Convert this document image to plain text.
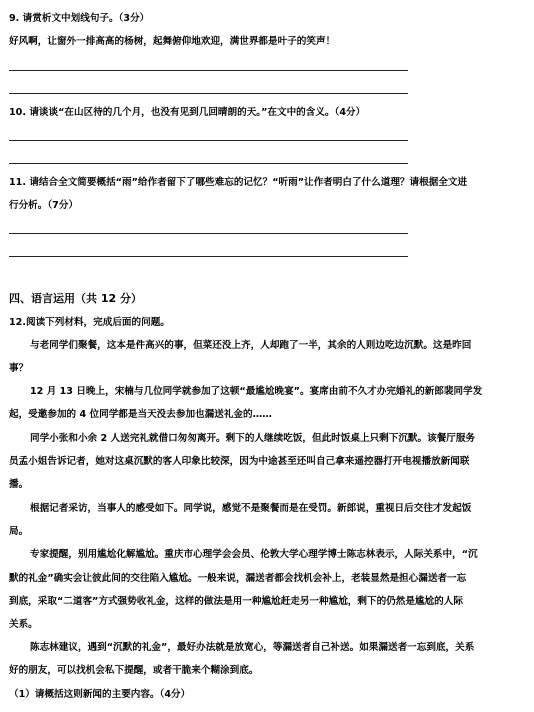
9. 请赏析文中划线句子。（3分）
好风啊，让窗外一排高高的杨树，起舞俯仰地欢迎，满世界都是叶子的笑声！
10. 请谈谈“在山区待的几个月，也没有见到几回晴朗的天。”在文中的含义。（4分）
11. 请结合全文简要概括“雨”给作者留下了哪些难忘的记忆？“听雨”让作者明白了什么道理？请根据全文进
行分析。（7分）
四、语言运用（共 12 分）
12.阅读下列材料，完成后面的问题。
与老同学们聚餐，这本是件高兴的事，但菜还没上齐，人却跑了一半，其余的人则边吃边沉默。这是昨回
事？
12 月 13 日晚上，宋楠与几位同学就参加了这顿“最尴尬晚宴”。宴席由前不久才办完婚礼的新郎裴同学发
起，受邀参加的 4 位同学都是当天没去参加也漏送礼金的……
同学小张和小余 2 人送完礼就借口匆匆离开。剩下的人继续吃饭，但此时饭桌上只剩下沉默。该餐厅服务
员孟小姐告诉记者，她对这桌沉默的客人印象比较深，因为中途甚至还叫自己拿来遥控器打开电视播放新闻联
播。
根据记者采访，当事人的感受如下。同学说，感觉不是聚餐而是在受罚。新郎说，重视日后交往才发起饭
局。
专家提醒，别用尴尬化解尴尬。重庆市心理学会会员、伦敦大学心理学博士陈志林表示，人际关系中，“沉
默的礼金”确实会让彼此间的交往陷入尴尬。一般来说，漏送者都会找机会补上，老装显然是担心漏送者一忘
到底，采取“二道客”方式强势收礼金，这样的做法是用一种尴尬赶走另一种尴尬，剩下的仍然是尴尬的人际
关系。
陈志林建议，遇到“沉默的礼金”，最好办法就是放宽心，等漏送者自己补送。如果漏送者一忘到底，关系
好的朋友，可以找机会私下提醒，或者干脆来个糊涂到底。
（1）请概括这则新闻的主要内容。（4分）
